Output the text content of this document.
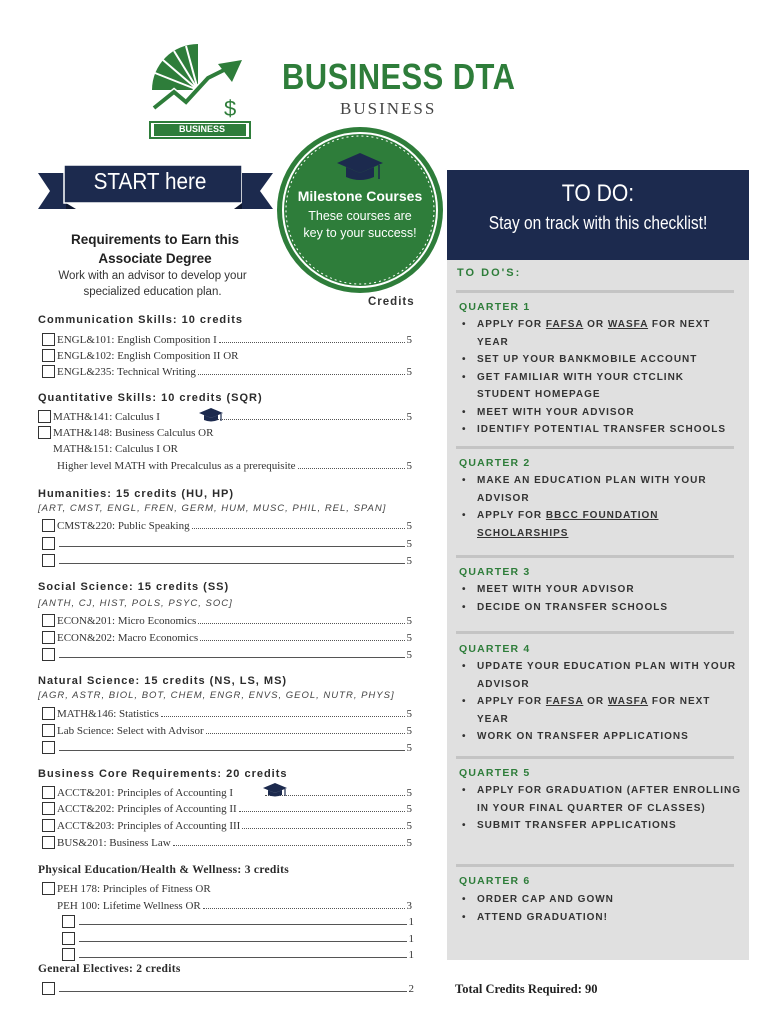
$
BUSINESS
BUSINESS DTA
BUSINESS
START here
Milestone Courses
These courses are
key to your success!
Requirements to Earn this
Associate Degree
Work with an advisor to develop your
specialized education plan.
Credits
Communication Skills: 10 credits
ENGL&101: English Composition I	5
ENGL&102: English Composition II OR
ENGL&235: Technical Writing	5
Quantitative Skills: 10 credits (SQR)
MATH&141: Calculus I	5
MATH&148: Business Calculus OR
MATH&151: Calculus I OR
Higher level MATH with Precalculus as a prerequisite	5
Humanities: 15 credits (HU, HP)
[ART, CMST, ENGL, FREN, GERM, HUM, MUSC, PHIL, REL, SPAN]
CMST&220: Public Speaking	5
5
5
Social Science: 15 credits (SS)
[ANTH, CJ, HIST, POLS, PSYC, SOC]
ECON&201: Micro Economics	5
ECON&202: Macro Economics	5
5
Natural Science: 15 credits (NS, LS, MS)
[AGR, ASTR, BIOL, BOT, CHEM, ENGR, ENVS, GEOL, NUTR, PHYS]
MATH&146: Statistics	5
Lab Science: Select with Advisor	5
5
Business Core Requirements: 20 credits
ACCT&201: Principles of Accounting I	5
ACCT&202: Principles of Accounting II	5
ACCT&203: Principles of Accounting III	5
BUS&201: Business Law	5
Physical Education/Health & Wellness: 3 credits
PEH 178: Principles of Fitness OR
PEH 100: Lifetime Wellness OR	3
1
1
1
General Electives: 2 credits
2
TO DO:
Stay on track with this checklist!
TO DO'S:
QUARTER 1
• APPLY FOR FAFSA OR WASFA FOR NEXT YEAR
• SET UP YOUR BANKMOBILE ACCOUNT
• GET FAMILIAR WITH YOUR CTCLINK STUDENT HOMEPAGE
• MEET WITH YOUR ADVISOR
• IDENTIFY POTENTIAL TRANSFER SCHOOLS
QUARTER 2
• MAKE AN EDUCATION PLAN WITH YOUR ADVISOR
• APPLY FOR BBCC FOUNDATION SCHOLARSHIPS
QUARTER 3
• MEET WITH YOUR ADVISOR
• DECIDE ON TRANSFER SCHOOLS
QUARTER 4
• UPDATE YOUR EDUCATION PLAN WITH YOUR ADVISOR
• APPLY FOR FAFSA OR WASFA FOR NEXT YEAR
• WORK ON TRANSFER APPLICATIONS
QUARTER 5
• APPLY FOR GRADUATION (AFTER ENROLLING IN YOUR FINAL QUARTER OF CLASSES)
• SUBMIT TRANSFER APPLICATIONS
QUARTER 6
• ORDER CAP AND GOWN
• ATTEND GRADUATION!
Total Credits Required: 90
